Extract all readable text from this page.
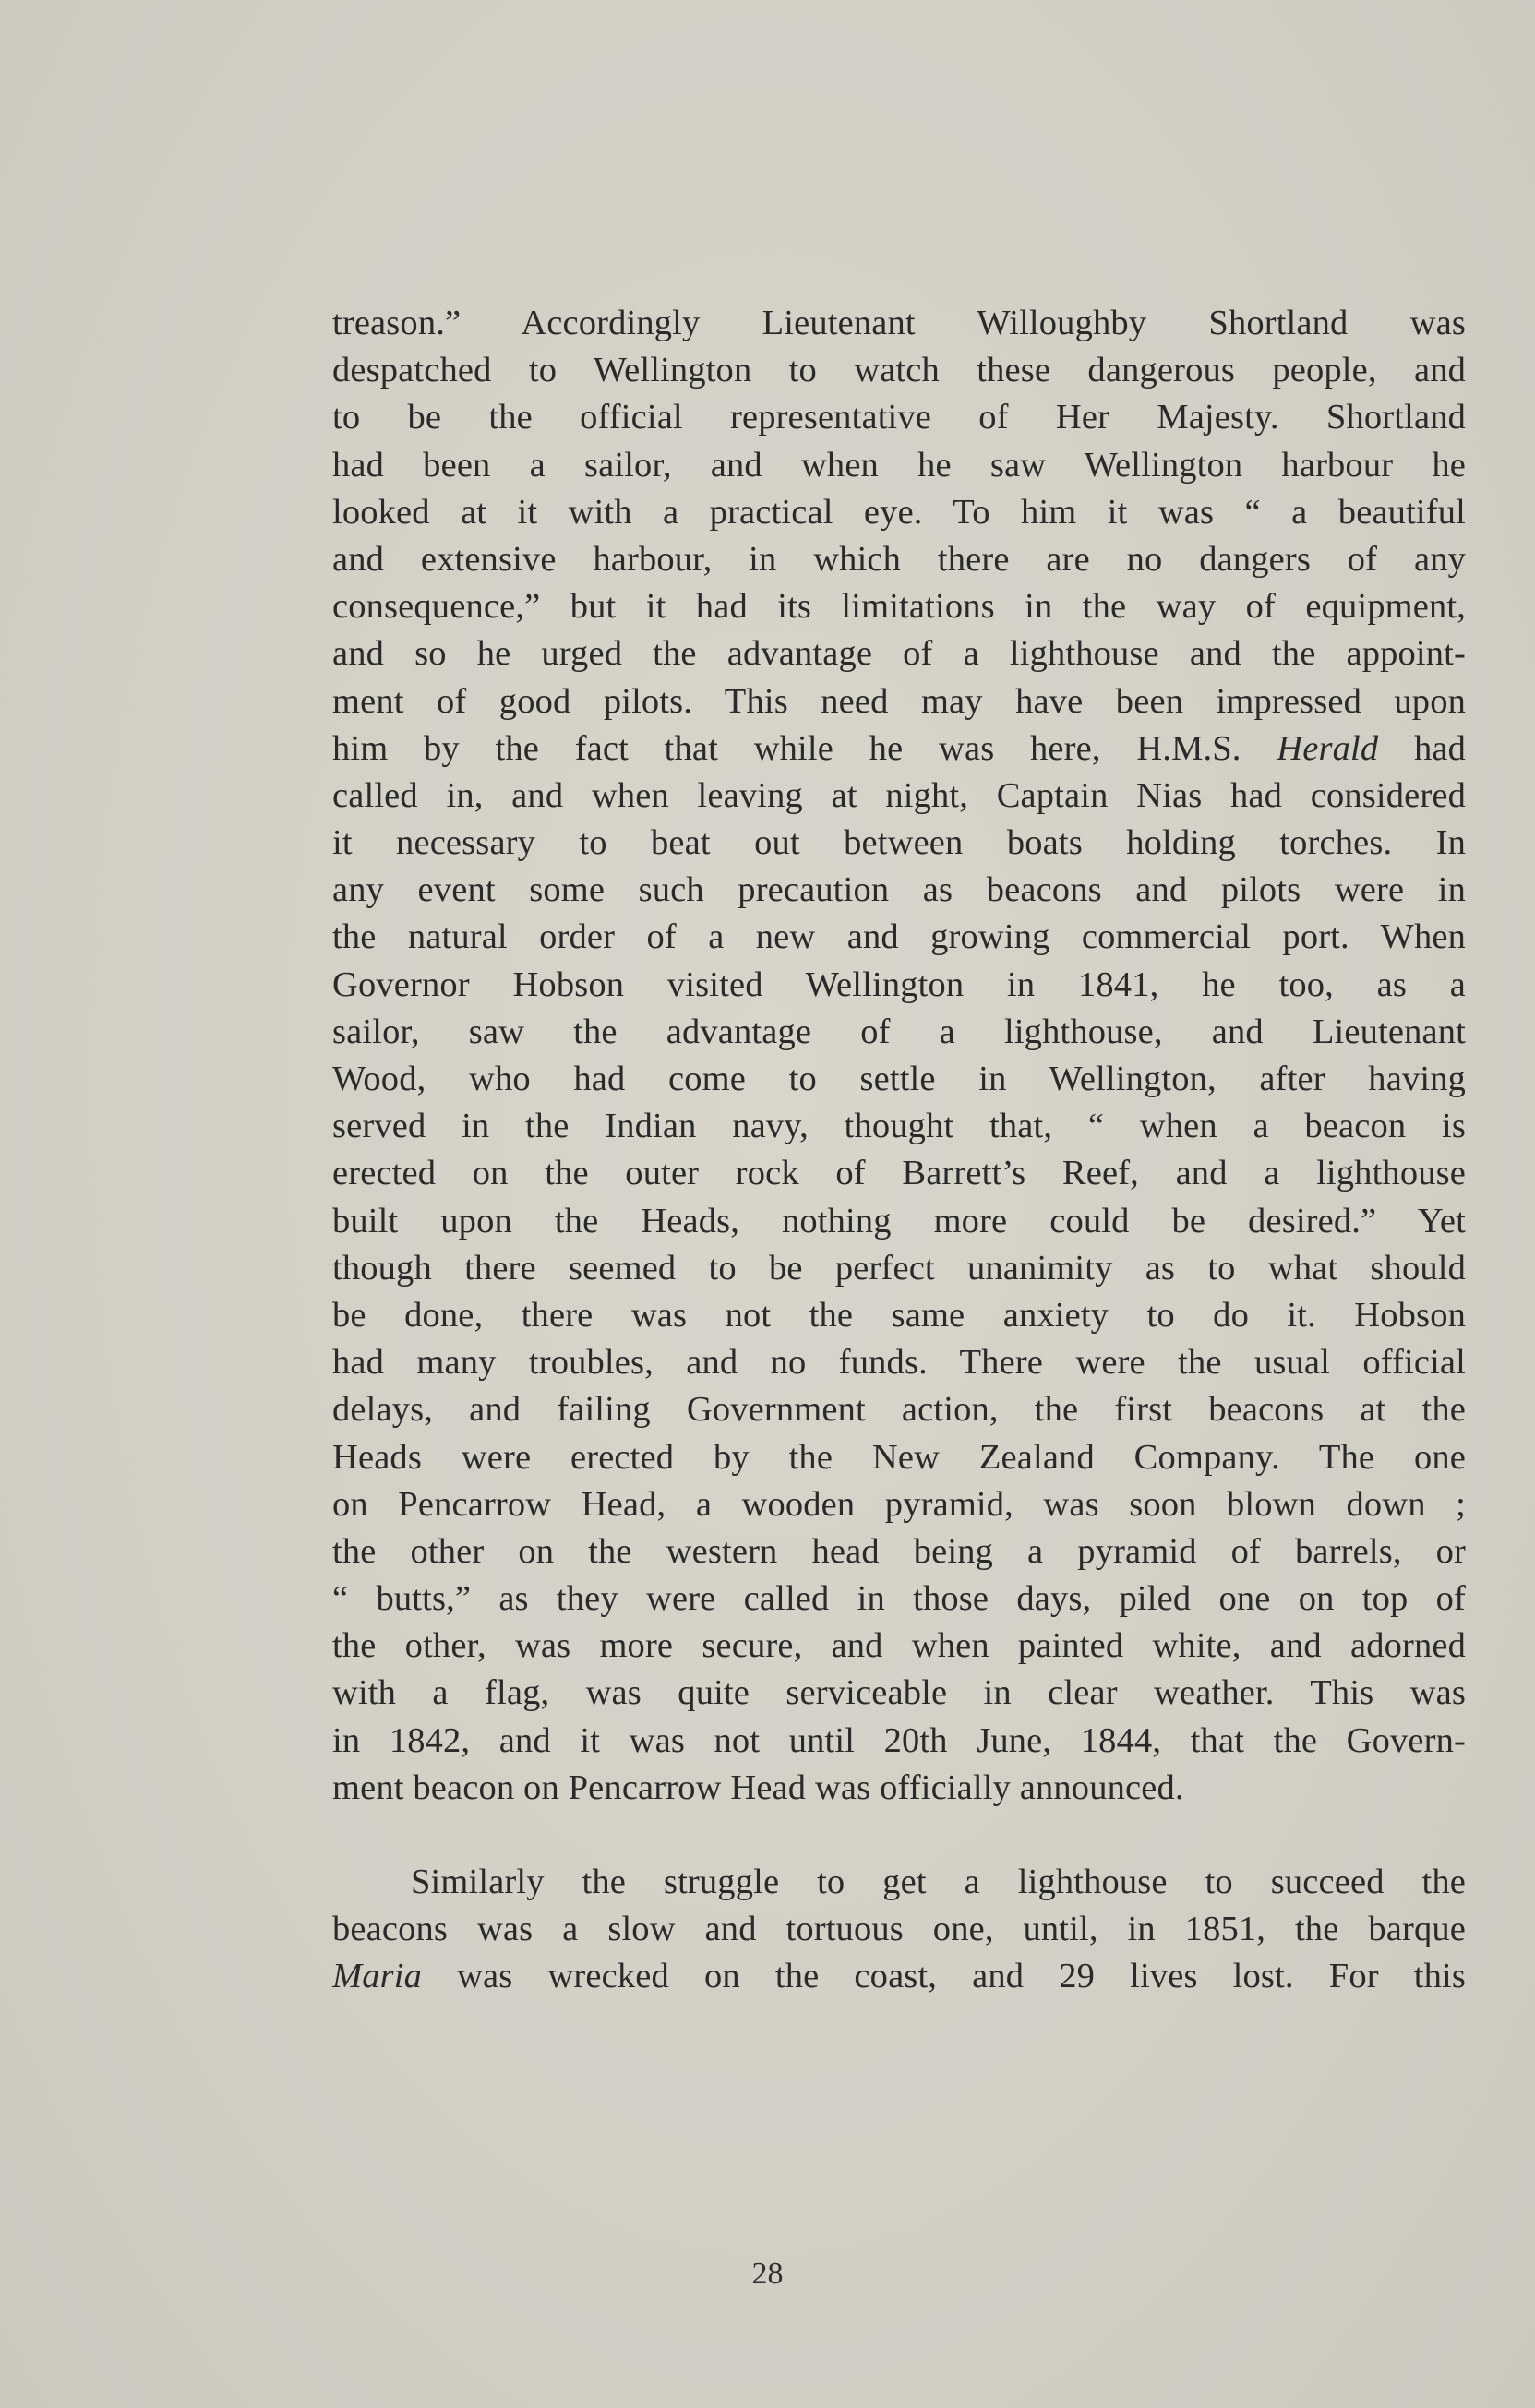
treason.” Accordingly Lieutenant Willoughby Shortland was
despatched to Wellington to watch these dangerous people, and
to be the official representative of Her Majesty. Shortland
had been a sailor, and when he saw Wellington harbour he
looked at it with a practical eye. To him it was “ a beautiful
and extensive harbour, in which there are no dangers of any
consequence,” but it had its limitations in the way of equipment,
and so he urged the advantage of a lighthouse and the appoint-
ment of good pilots. This need may have been impressed upon
him by the fact that while he was here, H.M.S. Herald had
called in, and when leaving at night, Captain Nias had considered
it necessary to beat out between boats holding torches. In
any event some such precaution as beacons and pilots were in
the natural order of a new and growing commercial port. When
Governor Hobson visited Wellington in 1841, he too, as a
sailor, saw the advantage of a lighthouse, and Lieutenant
Wood, who had come to settle in Wellington, after having
served in the Indian navy, thought that, “ when a beacon is
erected on the outer rock of Barrett’s Reef, and a lighthouse
built upon the Heads, nothing more could be desired.” Yet
though there seemed to be perfect unanimity as to what should
be done, there was not the same anxiety to do it. Hobson
had many troubles, and no funds. There were the usual official
delays, and failing Government action, the first beacons at the
Heads were erected by the New Zealand Company. The one
on Pencarrow Head, a wooden pyramid, was soon blown down ;
the other on the western head being a pyramid of barrels, or
“ butts,” as they were called in those days, piled one on top of
the other, was more secure, and when painted white, and adorned
with a flag, was quite serviceable in clear weather. This was
in 1842, and it was not until 20th June, 1844, that the Govern-
ment beacon on Pencarrow Head was officially announced.
Similarly the struggle to get a lighthouse to succeed the
beacons was a slow and tortuous one, until, in 1851, the barque
Maria was wrecked on the coast, and 29 lives lost. For this
28
